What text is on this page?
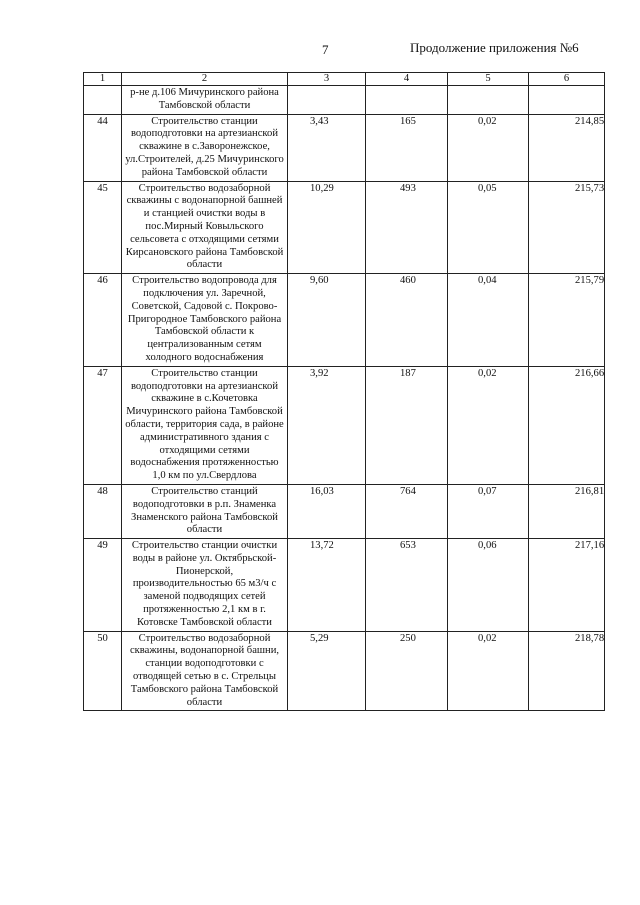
7	Продолжение приложения №6
1	2	3	4	5	6
	р-не д.106 Мичуринского района Тамбовской области				
44	Строительство станции водоподготовки на артезианской скважине в с.Заворонежское, ул.Строителей, д.25 Мичуринского района Тамбовской области	3,43	165	0,02	214,85
45	Строительство водозаборной скважины с водонапорной башней и станцией очистки воды в пос.Мирный Ковыльского сельсовета с отходящими сетями Кирсановского района Тамбовской области	10,29	493	0,05	215,73
46	Строительство водопровода для подключения ул. Заречной, Советской, Садовой с. Покрово-Пригородное Тамбовского района Тамбовской области к централизованным сетям холодного водоснабжения	9,60	460	0,04	215,79
47	Строительство станции водоподготовки на артезианской скважине в с.Кочетовка Мичуринского района Тамбовской области, территория сада, в районе административного здания с отходящими сетями водоснабжения протяженностью 1,0 км по ул.Свердлова	3,92	187	0,02	216,66
48	Строительство станций водоподготовки в р.п. Знаменка Знаменского района Тамбовской области	16,03	764	0,07	216,81
49	Строительство станции очистки воды в районе ул. Октябрьской-Пионерской, производительностью 65 м3/ч с заменой подводящих сетей протяженностью 2,1 км в г. Котовске Тамбовской области	13,72	653	0,06	217,16
50	Строительство водозаборной скважины, водонапорной башни, станции водоподготовки с отводящей сетью в с. Стрельцы Тамбовского района Тамбовской области	5,29	250	0,02	218,78
